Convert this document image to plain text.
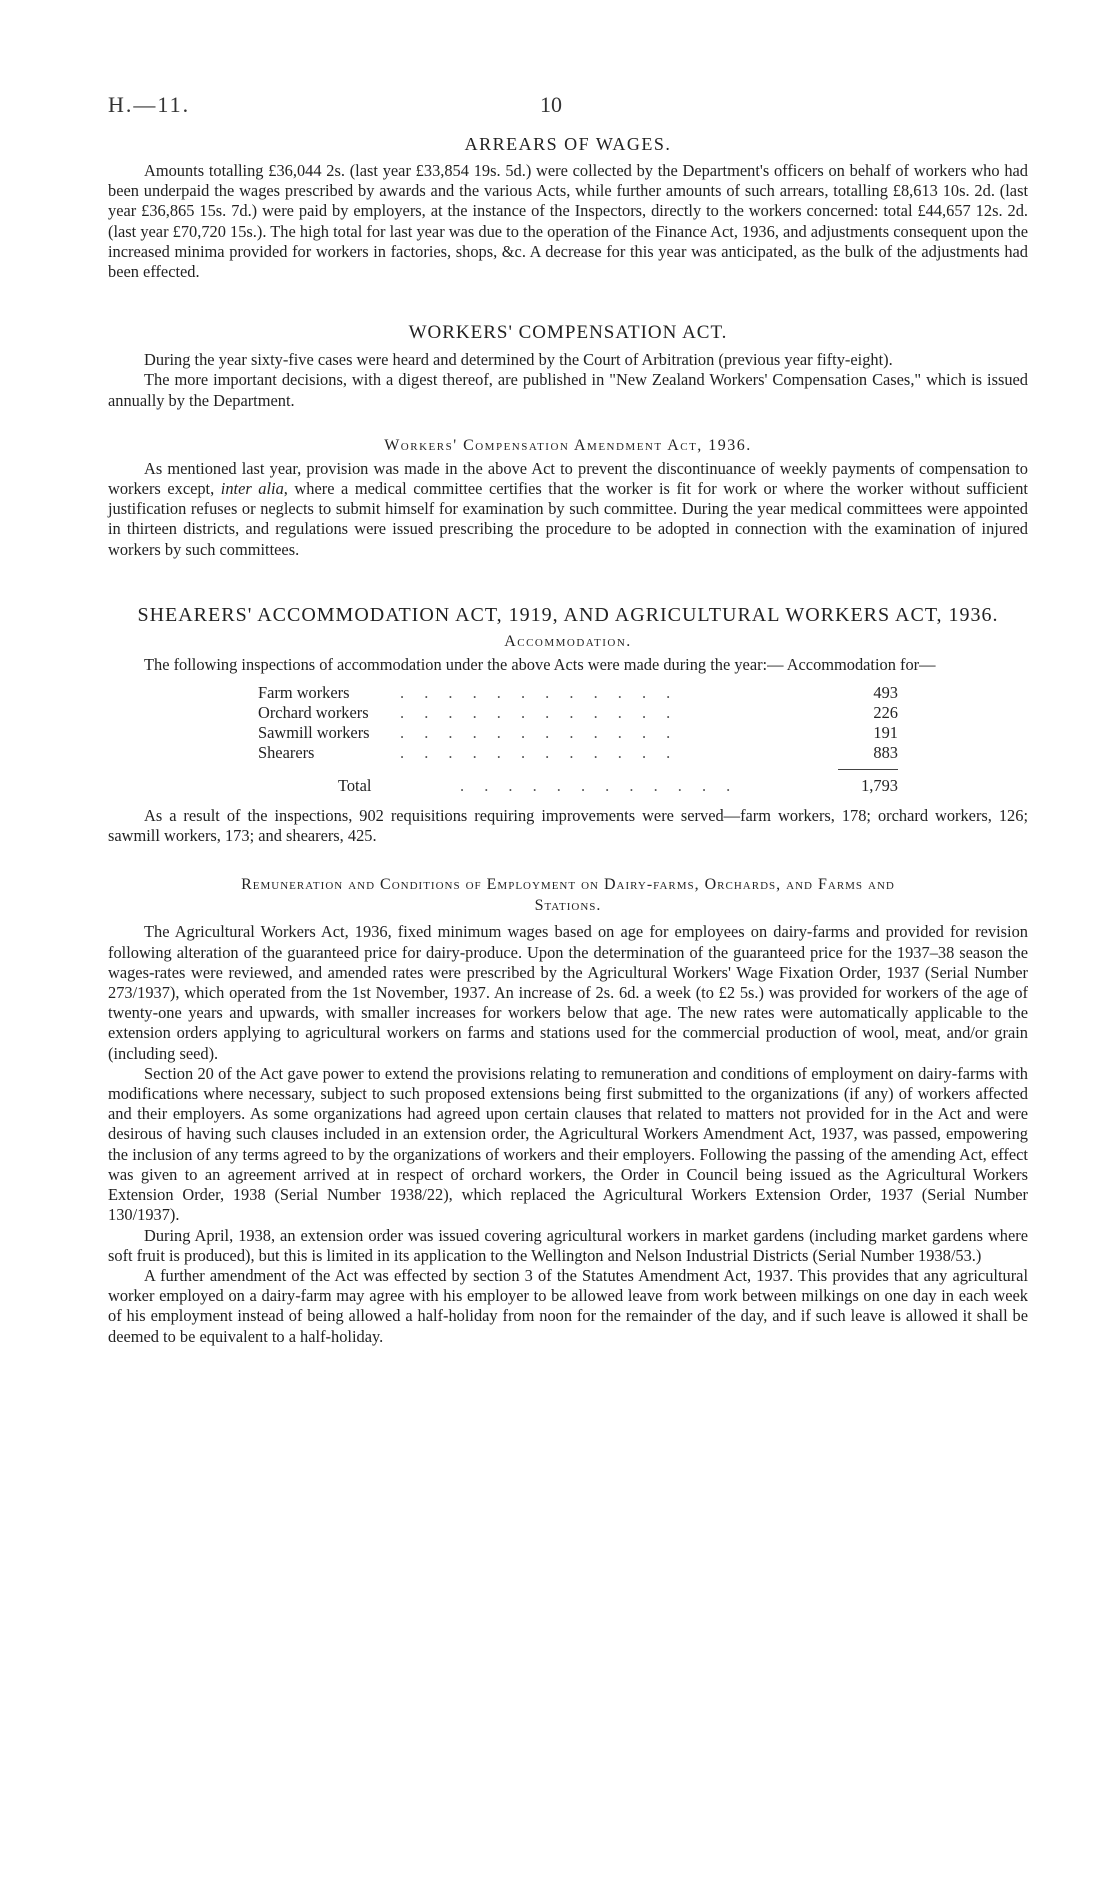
H.—11.	10
ARREARS OF WAGES.

Amounts totalling £36,044 2s. (last year £33,854 19s. 5d.) were collected by the Department's officers on behalf of workers who had been underpaid the wages prescribed by awards and the various Acts, while further amounts of such arrears, totalling £8,613 10s. 2d. (last year £36,865 15s. 7d.) were paid by employers, at the instance of the Inspectors, directly to the workers concerned: total £44,657 12s. 2d. (last year £70,720 15s.). The high total for last year was due to the operation of the Finance Act, 1936, and adjustments consequent upon the increased minima provided for workers in factories, shops, &c. A decrease for this year was anticipated, as the bulk of the adjustments had been effected.

WORKERS' COMPENSATION ACT.

During the year sixty-five cases were heard and determined by the Court of Arbitration (previous year fifty-eight).

The more important decisions, with a digest thereof, are published in "New Zealand Workers' Compensation Cases," which is issued annually by the Department.

Workers' Compensation Amendment Act, 1936.

As mentioned last year, provision was made in the above Act to prevent the discontinuance of weekly payments of compensation to workers except, inter alia, where a medical committee certifies that the worker is fit for work or where the worker without sufficient justification refuses or neglects to submit himself for examination by such committee. During the year medical committees were appointed in thirteen districts, and regulations were issued prescribing the procedure to be adopted in connection with the examination of injured workers by such committees.

SHEARERS' ACCOMMODATION ACT, 1919, AND AGRICULTURAL WORKERS ACT, 1936.
Accommodation.

The following inspections of accommodation under the above Acts were made during the year:— Accommodation for—

Farm workers	. . . . . . . . . . . .	493
Orchard workers	. . . . . . . . . . . .	226
Sawmill workers	. . . . . . . . . . . .	191
Shearers	. . . . . . . . . . . .	883
Total	. . . . . . . . . . . .	1,793

As a result of the inspections, 902 requisitions requiring improvements were served—farm workers, 178; orchard workers, 126; sawmill workers, 173; and shearers, 425.

Remuneration and Conditions of Employment on Dairy-farms, Orchards, and Farms and
Stations.

The Agricultural Workers Act, 1936, fixed minimum wages based on age for employees on dairy-farms and provided for revision following alteration of the guaranteed price for dairy-produce. Upon the determination of the guaranteed price for the 1937–38 season the wages-rates were reviewed, and amended rates were prescribed by the Agricultural Workers' Wage Fixation Order, 1937 (Serial Number 273/1937), which operated from the 1st November, 1937. An increase of 2s. 6d. a week (to £2 5s.) was provided for workers of the age of twenty-one years and upwards, with smaller increases for workers below that age. The new rates were automatically applicable to the extension orders applying to agricultural workers on farms and stations used for the commercial production of wool, meat, and/or grain (including seed).

Section 20 of the Act gave power to extend the provisions relating to remuneration and conditions of employment on dairy-farms with modifications where necessary, subject to such proposed extensions being first submitted to the organizations (if any) of workers affected and their employers. As some organizations had agreed upon certain clauses that related to matters not provided for in the Act and were desirous of having such clauses included in an extension order, the Agricultural Workers Amendment Act, 1937, was passed, empowering the inclusion of any terms agreed to by the organizations of workers and their employers. Following the passing of the amending Act, effect was given to an agreement arrived at in respect of orchard workers, the Order in Council being issued as the Agricultural Workers Extension Order, 1938 (Serial Number 1938/22), which replaced the Agricultural Workers Extension Order, 1937 (Serial Number 130/1937).

During April, 1938, an extension order was issued covering agricultural workers in market gardens (including market gardens where soft fruit is produced), but this is limited in its application to the Wellington and Nelson Industrial Districts (Serial Number 1938/53.)

A further amendment of the Act was effected by section 3 of the Statutes Amendment Act, 1937. This provides that any agricultural worker employed on a dairy-farm may agree with his employer to be allowed leave from work between milkings on one day in each week of his employment instead of being allowed a half-holiday from noon for the remainder of the day, and if such leave is allowed it shall be deemed to be equivalent to a half-holiday.
